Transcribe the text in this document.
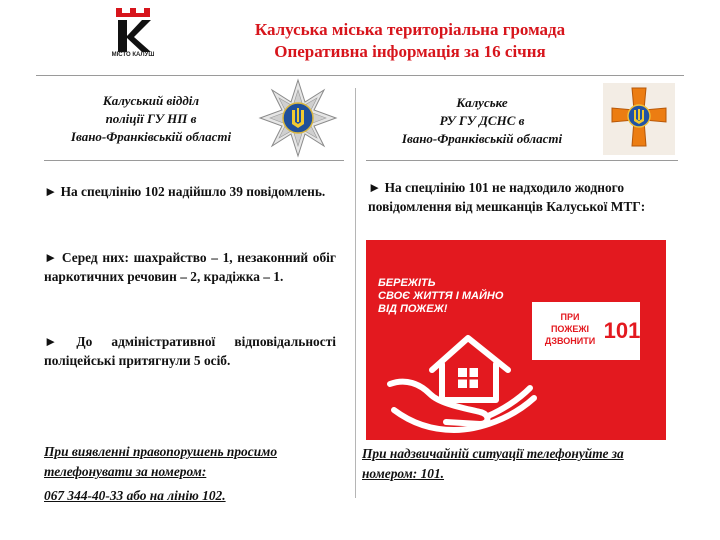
МІСТО КАЛУШ
Калуська міська територіальна громада
Оперативна інформація за 16 січня
Калуський відділ
поліції ГУ НП в
Івано-Франківській області
Калуське
РУ ГУ ДСНС в
Івано-Франківській області
► На спецлінію 102 надійшло 39 повідомлень.
► Серед них: шахрайство – 1, незаконний обіг наркотичних речовин – 2, крадіжка – 1.
► До адміністративної відповідальності поліцейські притягнули 5 осіб.
При виявленні правопорушень просимо телефонувати за номером:
067 344-40-33 або на лінію 102.
► На спецлінію 101 не надходило жодного повідомлення від мешканців Калуської МТГ:
БЕРЕЖІТЬ
СВОЄ ЖИТТЯ І МАЙНО
ВІД ПОЖЕЖ!
ПРИ
ПОЖЕЖІ
ДЗВОНИТИ 101
При надзвичайній ситуації телефонуйте за номером: 101.
